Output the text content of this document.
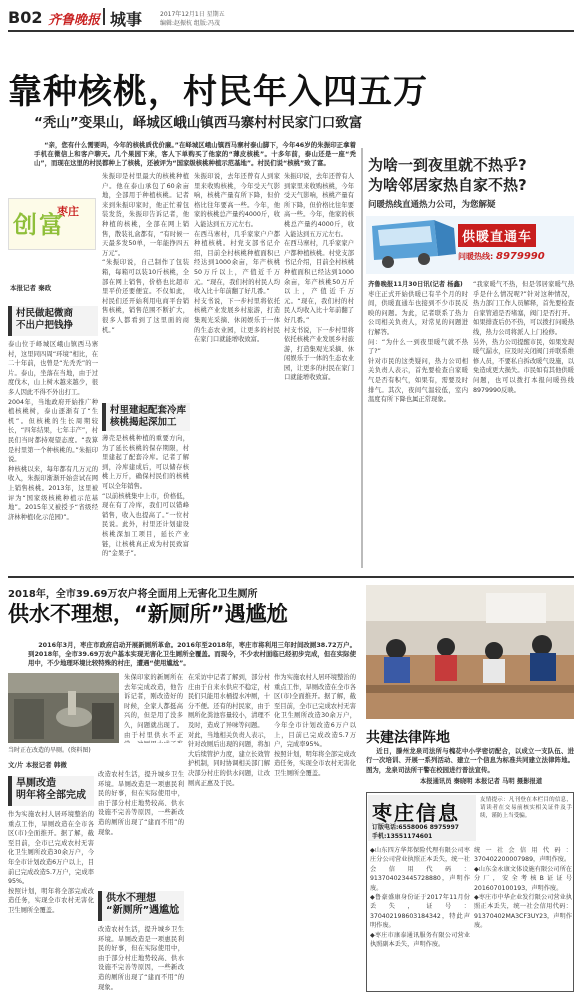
B02 齐鲁晚报 城事	2017年12月1日 星期五
编辑:赵振杭 组版:冯茂
靠种核桃，村民年入四五万
“秃山”变果山，峄城区峨山镇西马寨村村民家门口致富
“亲，您有什么需要吗，今年的核桃质优价廉。”在峄城区峨山镇西马寨村泰山脚下，今年46岁的朱振印正拿着手机在微信上和客户聊天。几个果园下来，客人下单购买了他家的“薄皮核桃”。十多年前，泰山还是一座“秃山”，而现在这里的村民都种上了核桃，还被评为“国家级核桃种植示范基地”。村民们说“核桃”致了富。
创富
枣庄
本报记者 秦政
村民做起微商
不出户把钱挣
泰山位于峄城区峨山镇西马寨村，这里同四周“环境”相比，在二十年前，也曾是“光秃秃”的一片。泰山，坐落在当地，由于过度伐木，山上树木越来越少，很多人因此不得不外出打工。
2004年，当地政府开始推广种植核桃树，泰山逐渐有了“生机”。但核桃的生长周期较长，“四年结果，七年丰产”，村民们当时都持观望态度。“我算是村里第一个种核桃的。”朱振印说。
种核桃以来，每年都有几万元的收入，朱振印渐渐开始尝试在网上销售核桃。2013年，这里被评为“国家级核桃种植示范基地”。2015年又被授予“省级经济林种植(化示范园)”。
朱振印是村里最大的核桃种植户。他在泰山承包了60余亩地，全部用于种植核桃。记者来到朱振印家时，他正忙着包装发货，朱振印告诉记者，他种植的核桃，全部在网上销售，散装礼盒都有，“有时候一天最多发50单，一年能挣四五万元”。
“朱振印说，自己制作了包装箱，每箱可以装10斤核桃，全部在网上销售，价格也比超市里平价还要便宜。不仅如此，村民们还开始利用电商平台销售核桃，销售范围不断扩大，很多人都看到了这里面的商机。”
村里建起配套冷库
核桃揭起深加工
薄壳是核桃种植的重要方向，为了延长核桃的保存期限，村里建起了配套冷库。记者了解到，冷库建成后，可以储存核桃上万斤，确保村民们的核桃可以全年销售。
“以前核桃集中上市，价格低，现在有了冷库，我们可以错峰销售，收入也提高了。”一位村民说。此外，村里还计划建设核桃深加工项目，延长产业链，让核桃真正成为村民致富的“金果子”。
朱振印说，去年还曾有人到家里来收购核桃，今年受天气影响，核桃产量有所下降，但价格比往年要高一些。今年，他家的核桃总产量约4000斤，收入能达到五万元左右。
在西马寨村，几乎家家户户都种植核桃。村党支部书记介绍，目前全村核桃种植面积已经达到1000余亩，年产核桃50万斤以上，产值近千万元。“现在，我们村的村民人均收入比十年前翻了好几番。”
村支书说，下一步村里将依托核桃产业发展乡村旅游，打造集观光采摘、休闲娱乐于一体的生态农业园，让更多的村民在家门口就能增收致富。
朱振印说，去年还曾有人到家里来收购核桃，今年受天气影响，核桃产量有所下降，但价格比往年要高一些。今年，他家的核桃总产量约4000斤，收入能达到五万元左右。
在西马寨村，几乎家家户户都种植核桃。村党支部书记介绍，目前全村核桃种植面积已经达到1000余亩，年产核桃50万斤以上，产值近千万元。“现在，我们村的村民人均收入比十年前翻了好几番。”
村支书说，下一步村里将依托核桃产业发展乡村旅游，打造集观光采摘、休闲娱乐于一体的生态农业园，让更多的村民在家门口就能增收致富。
为啥一到夜里就不热乎?
为啥邻居家热自家不热?
问暖热线直通热力公司，为您解疑
供暖直通车
问暖热线: 8979990
齐鲁晚报11月30日讯(记者 杨鑫)
枣庄正式开始供暖已有半个月的时间，供暖直通车也接到不少市民反映的问题。为此，记者联系了热力公司相关负责人，对常见的问题进行解答。
问：“为什么一到夜里暖气就不热了?”
针对市民的这类疑问，热力公司相关负责人表示，首先要检查自家暖气是否有积气，如果有，需要及时排气。其次，夜间气温较低，室内温度有所下降也属正常现象。
“我家暖气不热，但是邻居家暖气热乎是什么情况呢?”针对这种情况，热力部门工作人员解释，首先要检查自家管道是否堵塞，阀门是否打开。如果排查后仍不热，可以拨打问暖热线，热力公司将派人上门检修。
另外，热力公司提醒市民，如果发现暖气漏水，应及时关闭阀门并联系维修人员，不要私自拆改暖气设施，以免造成更大损失。市民如有其他供暖问题，也可以拨打本报问暖热线8979990反映。
2018年，全市39.69万农户将全面用上无害化卫生厕所
供水不理想，“新厕所”遇尴尬
2016年3月，枣庄市政府启动开展新厕所革命。2016年至2018年，枣庄市将利用三年时间改厕38.72万户。到2018年，全市39.69万农户基本实现无害化卫生厕所全覆盖。而现今，不少农村面临已经初步完成，但在实际使用中，不少地理环境比较特殊的村庄，遭遇“使用尴尬”。
当时正在改造的旱厕。(资料图)
文/片 本报记者 韩微
旱厕改造
明年将全部完成
作为实施农村人居环境整治的重点工作，旱厕改造在全市各区(市)全面推开。据了解，截至目前，全市已完成农村无害化卫生厕所改造30余万户，今年全市计划改造6万户以上，目前已完成改造5.7万户，完成率95%。
按照计划，明年将全部完成改造任务，实现全市农村无害化卫生厕所全覆盖。
朱保印家的新厕所在去年完成改造，他告诉记者，刚改造好的时候，全家人都挺高兴的，但是用了没多久，问题就出现了。由于村里供水不正
改造农村生活，提升城乡卫生环境。旱厕改造是一项惠民利民的好事，但在实际使用中，由于部分村庄地势较高、供水设施不完善等原因，一些新改造的厕所出现了“建而不用”的现象。
供水不理想
“新厕所”遇尴尬
改造农村生活，提升城乡卫生环境。旱厕改造是一项惠民利民的好事，但在实际使用中，由于部分村庄地势较高、供水设施不完善等原因，一些新改造的厕所出现了“建而不用”的现象。
在采访中记者了解到，部分村庄由于自来水供应不稳定，村民们只能用水桶提水冲厕，十分不便。还有的村民家，由于厕所化粪池容量较小，清理不及时，造成了异味等问题。
对此，当地相关负责人表示，针对改厕后出现的问题，将加大后续管护力度，建立长效管护机制，同时协调相关部门解决部分村庄的供水问题，让改厕真正惠及于民。
作为实施农村人居环境整治的重点工作，旱厕改造在全市各区(市)全面推开。据了解，截至目前，全市已完成农村无害化卫生厕所改造30余万户，今年全市计划改造6万户以上，目前已完成改造5.7万户，完成率95%。
按照计划，明年将全部完成改造任务，实现全市农村无害化卫生厕所全覆盖。
共建法律阵地
近日，滕州龙泉司法所与槐花中小学密切配合，以成立一支队伍、进行一次培训、开展一系列活动、建立一个信息为标准共同建立法律阵地。图为，龙泉司法所干警在校园进行普法宣传。
本报通讯员 秦晓明 本报记者 马明 摄影报道
枣庄信息
订版电话:6558006 8975997
手机:13551174601
友情提示：凡刊登在本栏目的信息，请读者在交易前核实相关证件及手续，谨防上当受骗。
◆山东四方华邦保险代理有限公司枣庄分公司营业执照正本丢失，统一社会信用代码：913704023445728880，声明作废。
◆鲁豪盛康身份证于2017年11月份丢失，证号：370402198603184342，特此声明作废。
◆枣庄市康泰通讯服务有限公司营业执照副本丢失，声明作废。
统一社会信用代码：370402200007989，声明作废。
◆山东金永康文体设施有限公司所在分厂，安全考核B证证号2016070100193，声明作废。
◆枣庄市中华企业发行限公司营业执照正本丢失，统一社会信用代码：91370402MA3CF3UY23，声明作废。
